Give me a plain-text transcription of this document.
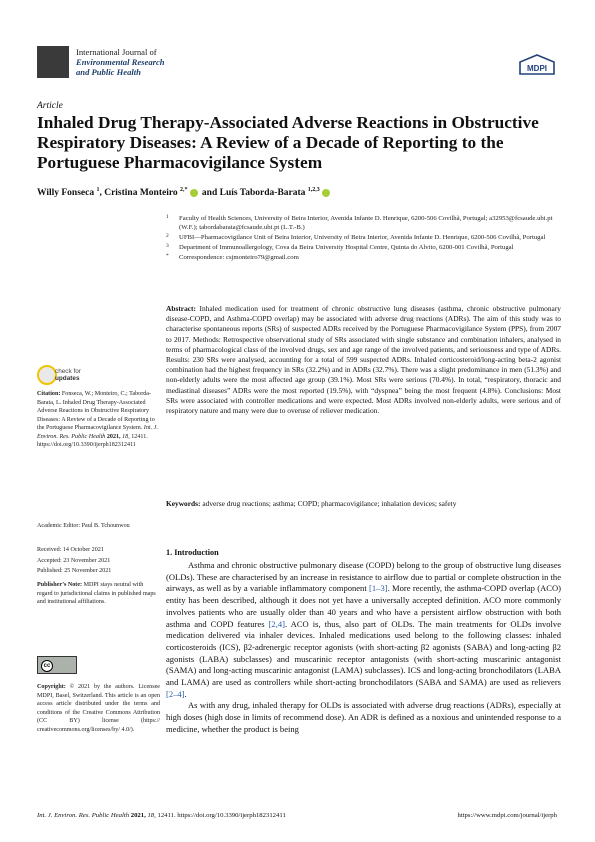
International Journal of
Environmental Research
and Public Health	MDPI
Article
Inhaled Drug Therapy-Associated Adverse Reactions in Obstructive Respiratory Diseases: A Review of a Decade of Reporting to the Portuguese Pharmacovigilance System
Willy Fonseca $^1$, Cristina Monteiro $^{2,*}$ and Luís Taborda-Barata $^{1,2,3}$
1 Faculty of Health Sciences, University of Beira Interior, Avenida Infante D. Henrique, 6200-506 Covilhã, Portugal; a32953@fcsaude.ubi.pt (W.F.); tabordabarata@fcsaude.ubi.pt (L.T.-B.)
2 UFBI—Pharmacovigilance Unit of Beira Interior, University of Beira Interior, Avenida Infante D. Henrique, 6200-506 Covilhã, Portugal
3 Department of Immunoallergology, Cova da Beira University Hospital Centre, Quinta do Alvito, 6200-001 Covilhã, Portugal
* Correspondence: csjmonteiro79@gmail.com

Abstract: Inhaled medication used for treatment of chronic obstructive lung diseases (asthma, chronic obstructive pulmonary disease-COPD, and Asthma-COPD overlap) may be associated with adverse drug reactions (ADRs). The aim of this study was to characterise spontaneous reports (SRs) of suspected ADRs received by the Portuguese Pharmacovigilance System (PPS), from 2007 to 2017. Methods: Retrospective observational study of SRs associated with single substance and combination inhalers, analysed in terms of pharmacological class of the involved drugs, sex and age range of the involved patients, and seriousness and type of ADRs. Results: 230 SRs were analysed, accounting for a total of 599 suspected ADRs. Inhaled corticosteroid/long-acting beta-2 agonist combination had the highest frequency in SRs (32.2%) and in ADRs (32.7%). There was a slight predominance in men (51.3%) and non-elderly adults were the most affected age group (39.1%). Most SRs were serious (70.4%). In total, “respiratory, thoracic and mediastinal diseases” ADRs were the most reported (19.5%), with “dyspnea” being the most frequent (4.8%). Conclusions: Most SRs were associated with controller medications and were expected. Most ADRs involved non-elderly adults, were serious and of respiratory nature and many were due to overuse of reliever medication.

Keywords: adverse drug reactions; asthma; COPD; pharmacovigilance; inhalation devices; safety

check for
updates
Citation: Fonseca, W.; Monteiro, C.; Taborda-Barata, L. Inhaled Drug Therapy-Associated Adverse Reactions in Obstructive Respiratory Diseases: A Review of a Decade of Reporting to the Portuguese Pharmacovigilance System. Int. J. Environ. Res. Public Health 2021, 18, 12411. https://doi.org/10.3390/ijerph182312411
Academic Editor: Paul B. Tchounwou
Received: 14 October 2021
Accepted: 23 November 2021
Published: 25 November 2021
Publisher’s Note: MDPI stays neutral with regard to jurisdictional claims in published maps and institutional affiliations.
cc
Copyright: © 2021 by the authors. Licensee MDPI, Basel, Switzerland. This article is an open access article distributed under the terms and conditions of the Creative Commons Attribution (CC BY) license (https:// creativecommons.org/licenses/by/ 4.0/).
1. Introduction

Asthma and chronic obstructive pulmonary disease (COPD) belong to the group of obstructive lung diseases (OLDs). These are characterised by an increase in resistance to airflow due to partial or complete obstruction in the airways, as well as by a variable inflammatory component [1–3]. More recently, the asthma-COPD overlap (ACO) entity has been described, although it does not yet have a universally accepted definition. ACO more commonly involves patients who are usually older than 40 years and who have a persistent airflow obstruction with both asthma and COPD features [2,4]. ACO is, thus, also part of OLDs. The main treatments for OLDs involve medication delivered via inhaler devices. Inhaled medications used belong to the following classes: inhaled corticosteroids (ICS), β2-adrenergic receptor agonists (with short-acting β2 agonists (SABA) and long-acting β2 agonists (LABA) subclasses) and muscarinic receptor antagonists (with short-acting muscarinic antagonist (SAMA) and long-acting muscarinic antagonist (LAMA) subclasses). ICS and long-acting bronchodilators (LABA and LAMA) are used as controllers while short-acting bronchodilators (SABA and SAMA) are used as relievers [2–4].

As with any drug, inhaled therapy for OLDs is associated with adverse drug reactions (ADRs), especially at high doses (high dose in limits of recommend dose). An ADR is defined as a noxious and unintended response to a medicine, whether the product is being

Int. J. Environ. Res. Public Health 2021, 18, 12411. https://doi.org/10.3390/ijerph182312411	https://www.mdpi.com/journal/ijerph
